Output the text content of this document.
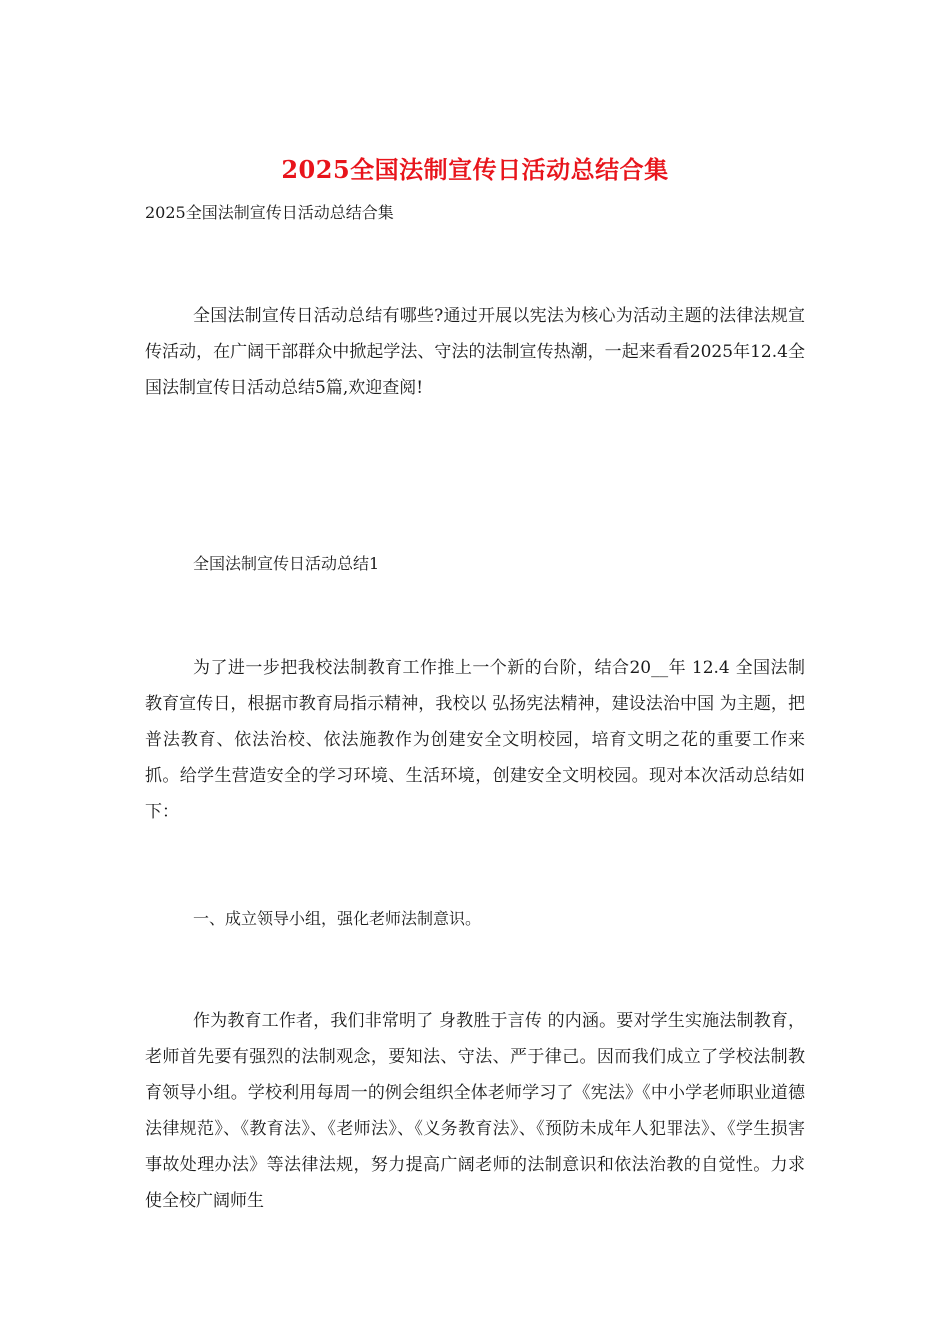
2025全国法制宣传日活动总结合集

2025全国法制宣传日活动总结合集

全国法制宣传日活动总结有哪些?通过开展以宪法为核心为活动主题的法律法规宣传活动，在广阔干部群众中掀起学法、守法的法制宣传热潮，一起来看看2025年12.4全国法制宣传日活动总结5篇,欢迎查阅!

全国法制宣传日活动总结1

为了进一步把我校法制教育工作推上一个新的台阶，结合20__年 12.4 全国法制教育宣传日，根据市教育局指示精神，我校以 弘扬宪法精神，建设法治中国 为主题，把普法教育、依法治校、依法施教作为创建安全文明校园，培育文明之花的重要工作来抓。给学生营造安全的学习环境、生活环境，创建安全文明校园。现对本次活动总结如下：

一、成立领导小组，强化老师法制意识。

作为教育工作者，我们非常明了 身教胜于言传 的内涵。要对学生实施法制教育，老师首先要有强烈的法制观念，要知法、守法、严于律己。因而我们成立了学校法制教育领导小组。学校利用每周一的例会组织全体老师学习了《宪法》《中小学老师职业道德法律规范》、《教育法》、《老师法》、《义务教育法》、《预防未成年人犯罪法》、《学生损害事故处理办法》等法律法规，努力提高广阔老师的法制意识和依法治教的自觉性。力求使全校广阔师生
